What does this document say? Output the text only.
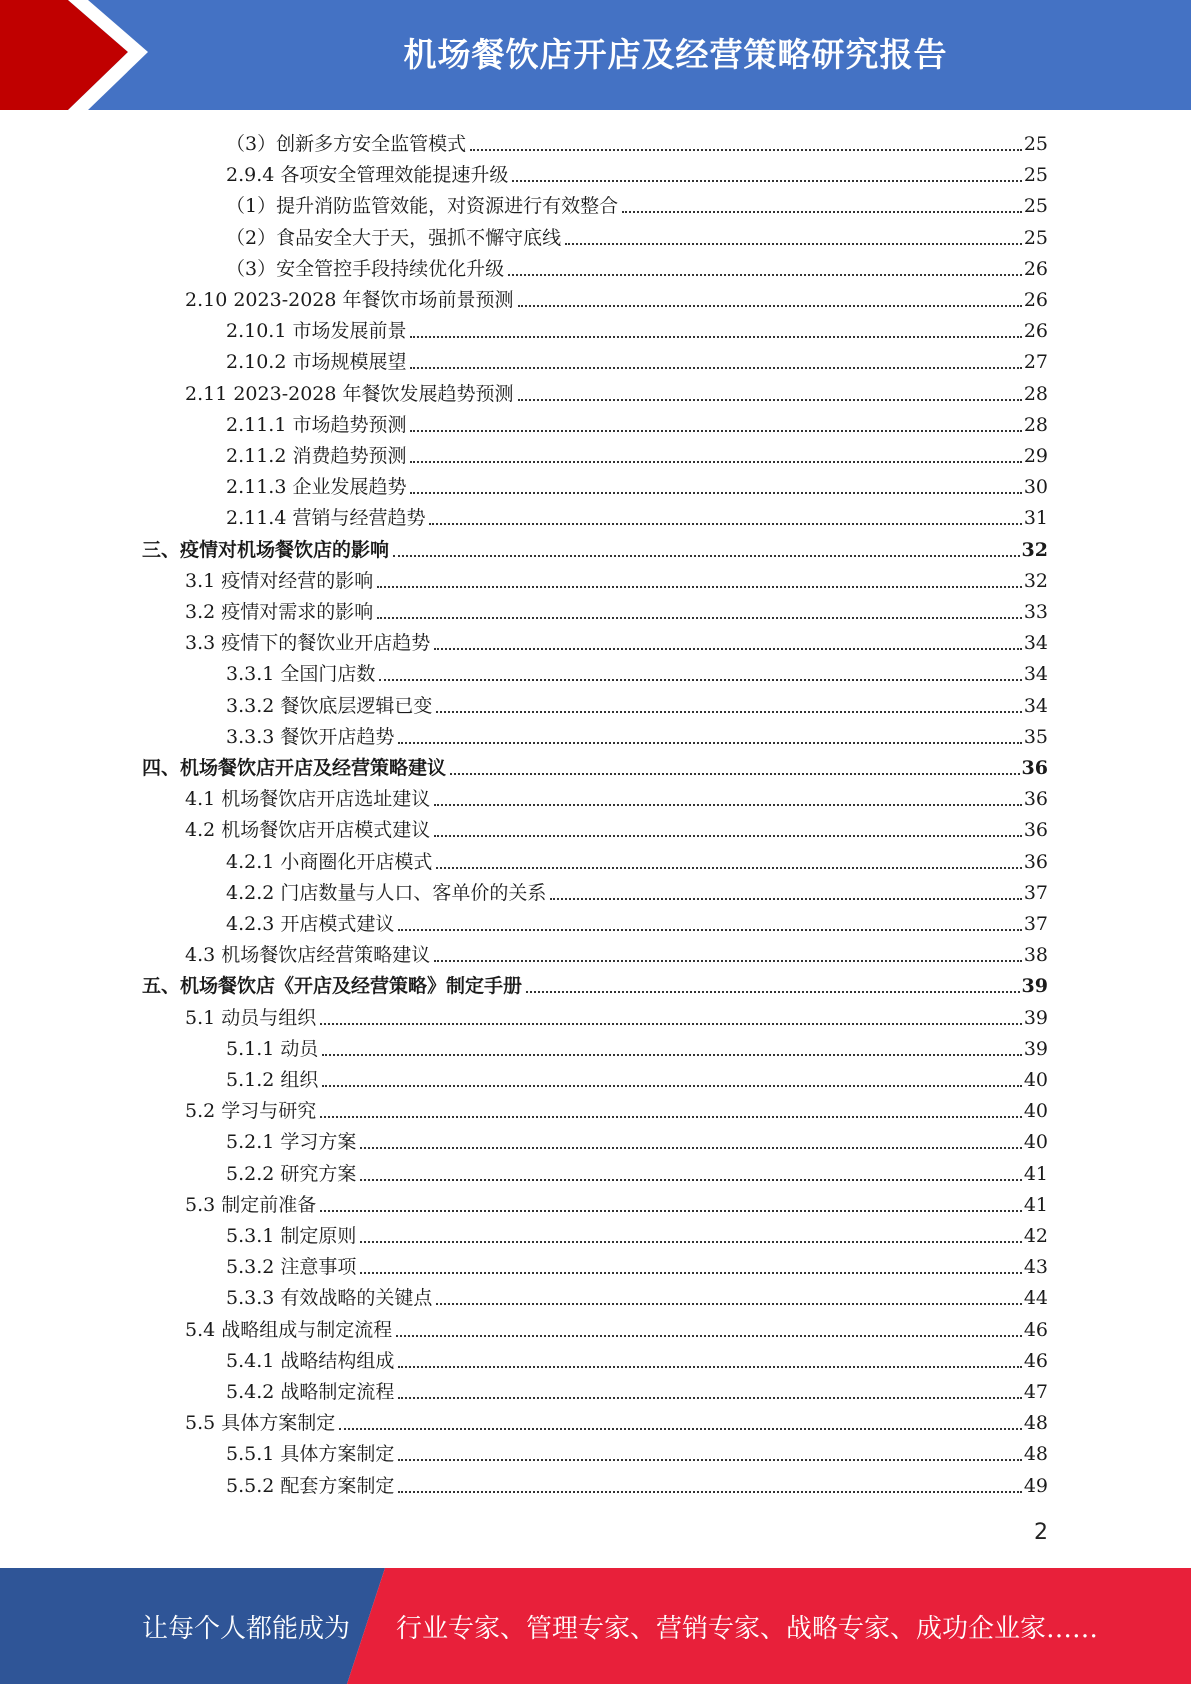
机场餐饮店开店及经营策略研究报告
（3）创新多方安全监管模式	25
2.9.4 各项安全管理效能提速升级	25
（1）提升消防监管效能，对资源进行有效整合	25
（2）食品安全大于天，强抓不懈守底线	25
（3）安全管控手段持续优化升级	26
2.10 2023-2028 年餐饮市场前景预测	26
2.10.1 市场发展前景	26
2.10.2 市场规模展望	27
2.11 2023-2028 年餐饮发展趋势预测	28
2.11.1 市场趋势预测	28
2.11.2 消费趋势预测	29
2.11.3 企业发展趋势	30
2.11.4 营销与经营趋势	31
三、疫情对机场餐饮店的影响	32
3.1 疫情对经营的影响	32
3.2 疫情对需求的影响	33
3.3 疫情下的餐饮业开店趋势	34
3.3.1 全国门店数	34
3.3.2 餐饮底层逻辑已变	34
3.3.3 餐饮开店趋势	35
四、机场餐饮店开店及经营策略建议	36
4.1 机场餐饮店开店选址建议	36
4.2 机场餐饮店开店模式建议	36
4.2.1 小商圈化开店模式	36
4.2.2 门店数量与人口、客单价的关系	37
4.2.3 开店模式建议	37
4.3 机场餐饮店经营策略建议	38
五、机场餐饮店《开店及经营策略》制定手册	39
5.1 动员与组织	39
5.1.1 动员	39
5.1.2 组织	40
5.2 学习与研究	40
5.2.1 学习方案	40
5.2.2 研究方案	41
5.3 制定前准备	41
5.3.1 制定原则	42
5.3.2 注意事项	43
5.3.3 有效战略的关键点	44
5.4 战略组成与制定流程	46
5.4.1 战略结构组成	46
5.4.2 战略制定流程	47
5.5 具体方案制定	48
5.5.1 具体方案制定	48
5.5.2 配套方案制定	49
2
让每个人都能成为 行业专家、管理专家、营销专家、战略专家、成功企业家……
